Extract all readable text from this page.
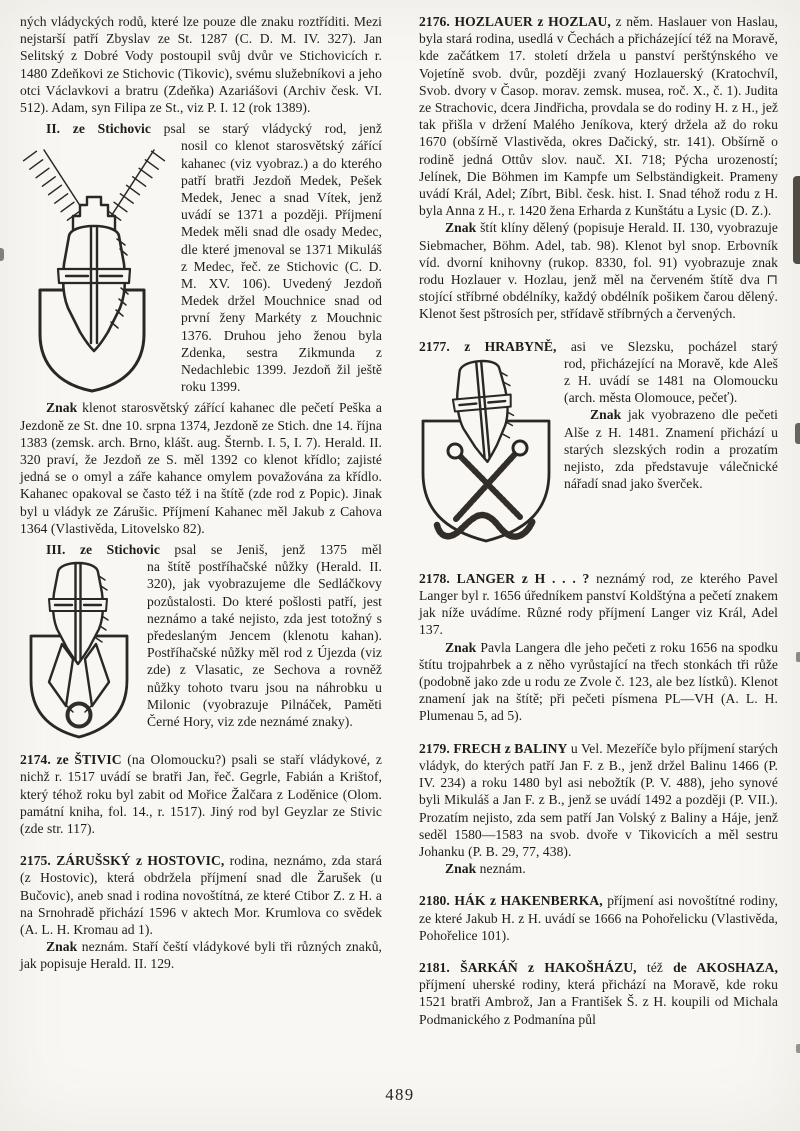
ných vládyckých rodů, které lze pouze dle znaku roztříditi. Mezi nejstarší patří Zbyslav ze St. 1287 (C. D. M. IV. 327). Jan Selitský z Dobré Vody postoupil svůj dvůr ve Stichovicích r. 1480 Zdeňkovi ze Stichovic (Tikovic), svému služebníkovi a jeho otci Václavkovi a bratru (Zdeňka) Azariášovi (Archiv česk. VI. 512). Adam, syn Filipa ze St., viz P. I. 12 (rok 1389).

II. ze Stichovic psal se starý vládycký rod, jenž

nosil co klenot starosvětský zářící kahanec (viz vyobraz.) a do kterého patří bratři Jezdoň Medek, Pešek Medek, Jenec a snad Vítek, jenž uvádí se 1371 a později. Příjmení Medek měli snad dle osady Medec, dle které jmenoval se 1371 Mikuláš z Medec, řeč. ze Stichovic (C. D. M. XV. 106). Uvedený Jezdoň Medek držel Mouchnice snad od první ženy Markéty z Mouchnic 1376. Druhou jeho ženou byla Zdenka, sestra Zikmunda z Nedachlebic 1399. Jezdoň žil ještě roku 1399.

Znak klenot starosvětský zářící kahanec dle pečetí Peška a Jezdoně ze St. dne 10. srpna 1374, Jezdoně ze Stich. dne 14. října 1383 (zemsk. arch. Brno, klášt. aug. Šternb. I. 5, I. 7). Herald. II. 320 praví, že Jezdoň ze S. měl 1392 co klenot křídlo; zajisté jedná se o omyl a záře kahance omylem považována za křídlo. Kahanec opakoval se často též i na štítě (zde rod z Popic). Jinak byl u vládyk ze Zárušic. Příjmení Kahanec měl Jakub z Cahova 1364 (Vlastivěda, Litovelsko 82).

III. ze Stichovic psal se Jeniš, jenž 1375 měl

na štítě postříhačské nůžky (Herald. II. 320), jak vyobrazujeme dle Sedláčkovy pozůstalosti. Do které pošlosti patří, jest neznámo a také nejisto, zda jest totožný s předeslaným Jencem (klenotu kahan). Postříhačské nůžky měl rod z Újezda (viz zde) z Vlasatic, ze Sechova a rovněž nůžky tohoto tvaru jsou na náhrobku u Milonic (vyobrazuje Pilnáček, Paměti Černé Hory, viz zde neznámé znaky).

2174. ze ŠTIVIC (na Olomoucku?) psali se staří vládykové, z nichž r. 1517 uvádí se bratři Jan, řeč. Gegrle, Fabián a Krištof, který téhož roku byl zabit od Mořice Žalčara z Loděnice (Olom. památní kniha, fol. 14., r. 1517). Jiný rod byl Geyzlar ze Stivic (zde str. 117).

2175. ZÁRUŠSKÝ z HOSTOVIC, rodina, neznámo, zda stará (z Hostovic), která obdržela příjmení snad dle Žarušek (u Bučovic), aneb snad i rodina novoštítná, ze které Ctibor Z. z H. a na Srnohradě přichází 1596 v aktech Mor. Krumlova co svědek (A. L. H. Kromau ad 1).

Znak neznám. Staří čeští vládykové byli tři různých znaků, jak popisuje Herald. II. 129.

2176. HOZLAUER z HOZLAU, z něm. Haslauer von Haslau, byla stará rodina, usedlá v Čechách a přicházející též na Moravě, kde začátkem 17. století držela u panství perštýnského ve Vojetíně svob. dvůr, později zvaný Hozlauerský (Kratochvíl, Svob. dvory v Časop. morav. zemsk. musea, roč. X., č. 1). Judita ze Strachovic, dcera Jindřicha, provdala se do rodiny H. z H., jež tak přišla v držení Malého Jeníkova, který držela až do roku 1670 (obšírně Vlastivěda, okres Dačický, str. 141). Obšírně o rodině jedná Ottův slov. nauč. XI. 718; Pýcha urozeností; Jelínek, Die Böhmen im Kampfe um Selbständigkeit. Prameny uvádí Král, Adel; Zíbrt, Bibl. česk. hist. I. Snad téhož rodu z H. byla Anna z H., r. 1420 žena Erharda z Kunštátu a Lysic (D. Z.).

Znak štít klíny dělený (popisuje Herald. II. 130, vyobrazuje Siebmacher, Böhm. Adel, tab. 98). Klenot byl snop. Erbovník víd. dvorní knihovny (rukop. 8330, fol. 91) vyobrazuje znak rodu Hozlauer v. Hozlau, jenž měl na červeném štítě dva ⊓ stojící stříbrné obdélníky, každý obdélník pošikem čarou dělený. Klenot šest pštrosích per, střídavě stříbrných a červených.

2177. z HRABYNĚ, asi ve Slezsku, pocházel starý

rod, přicházející na Moravě, kde Aleš z H. uvádí se 1481 na Olomoucku (arch. města Olomouce, pečeť).

Znak jak vyobrazeno dle pečeti Alše z H. 1481. Znamení přichází u starých slezských rodin a prozatím nejisto, zda představuje válečnické nářadí snad jako šverček.

2178. LANGER z H . . . ? neznámý rod, ze kterého Pavel Langer byl r. 1656 úředníkem panství Koldštýna a pečetí znakem jak níže uvádíme. Různé rody příjmení Langer viz Král, Adel 137.

Znak Pavla Langera dle jeho pečeti z roku 1656 na spodku štítu trojpahrbek a z něho vyrůstající na třech stonkách tři růže (podobně jako zde u rodu ze Zvole č. 123, ale bez lístků). Klenot znamení jak na štítě; při pečeti písmena PL—VH (A. L. H. Plumenau 5, ad 5).

2179. FRECH z BALINY u Vel. Mezeříče bylo příjmení starých vládyk, do kterých patří Jan F. z B., jenž držel Balinu 1466 (P. IV. 234) a roku 1480 byl asi nebožtík (P. V. 488), jeho synové byli Mikuláš a Jan F. z B., jenž se uvádí 1492 a později (P. VII.). Prozatím nejisto, zda sem patří Jan Volský z Baliny a Háje, jenž seděl 1580—1583 na svob. dvoře v Tikovicích a měl sestru Johanku (P. B. 29, 77, 438).

Znak neznám.

2180. HÁK z HAKENBERKA, příjmení asi novoštítné rodiny, ze které Jakub H. z H. uvádí se 1666 na Pohořelicku (Vlastivěda, Pohořelice 101).

2181. ŠARKÁŇ z HAKOŠHÁZU, též de AKOSHAZA, příjmení uherské rodiny, která přichází na Moravě, kde roku 1521 bratři Ambrož, Jan a František Š. z H. koupili od Michala Podmanického z Podmanína půl

489
